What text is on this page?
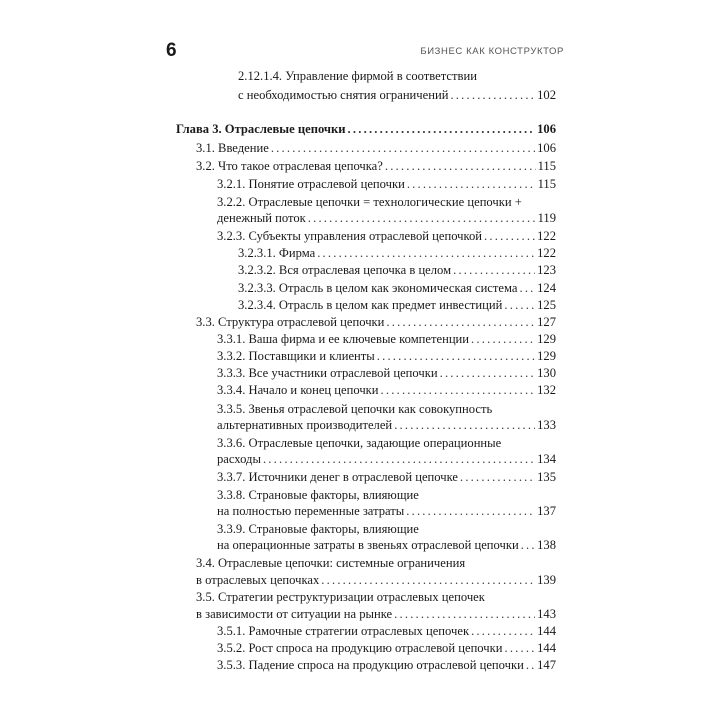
6	БИЗНЕС КАК КОНСТРУКТОР
2.12.1.4. Управление фирмой в соответствии
с необходимостью снятия ограничений .....	102
Глава 3. Отраслевые цепочки .....	106
3.1. Введение .....	106
3.2. Что такое отраслевая цепочка? .....	115
3.2.1. Понятие отраслевой цепочки .....	115
3.2.2. Отраслевые цепочки = технологические цепочки +
денежный поток .....	119
3.2.3. Субъекты управления отраслевой цепочкой .....	122
3.2.3.1. Фирма .....	122
3.2.3.2. Вся отраслевая цепочка в целом .....	123
3.2.3.3. Отрасль в целом как экономическая система ..... 124
3.2.3.4. Отрасль в целом как предмет инвестиций .....	125
3.3. Структура отраслевой цепочки .....	127
3.3.1. Ваша фирма и ее ключевые компетенции .....	129
3.3.2. Поставщики и клиенты .....	129
3.3.3. Все участники отраслевой цепочки .....	130
3.3.4. Начало и конец цепочки .....	132
3.3.5. Звенья отраслевой цепочки как совокупность
альтернативных производителей .....	133
3.3.6. Отраслевые цепочки, задающие операционные
расходы .....	134
3.3.7. Источники денег в отраслевой цепочке .....	135
3.3.8. Страновые факторы, влияющие
на полностью переменные затраты .....	137
3.3.9. Страновые факторы, влияющие
на операционные затраты в звеньях отраслевой цепочки ..... 138
3.4. Отраслевые цепочки: системные ограничения
в отраслевых цепочках .....	139
3.5. Стратегии реструктуризации отраслевых цепочек
в зависимости от ситуации на рынке .....	143
3.5.1. Рамочные стратегии отраслевых цепочек .....	144
3.5.2. Рост спроса на продукцию отраслевой цепочки .....	144
3.5.3. Падение спроса на продукцию отраслевой цепочки ..... 147
